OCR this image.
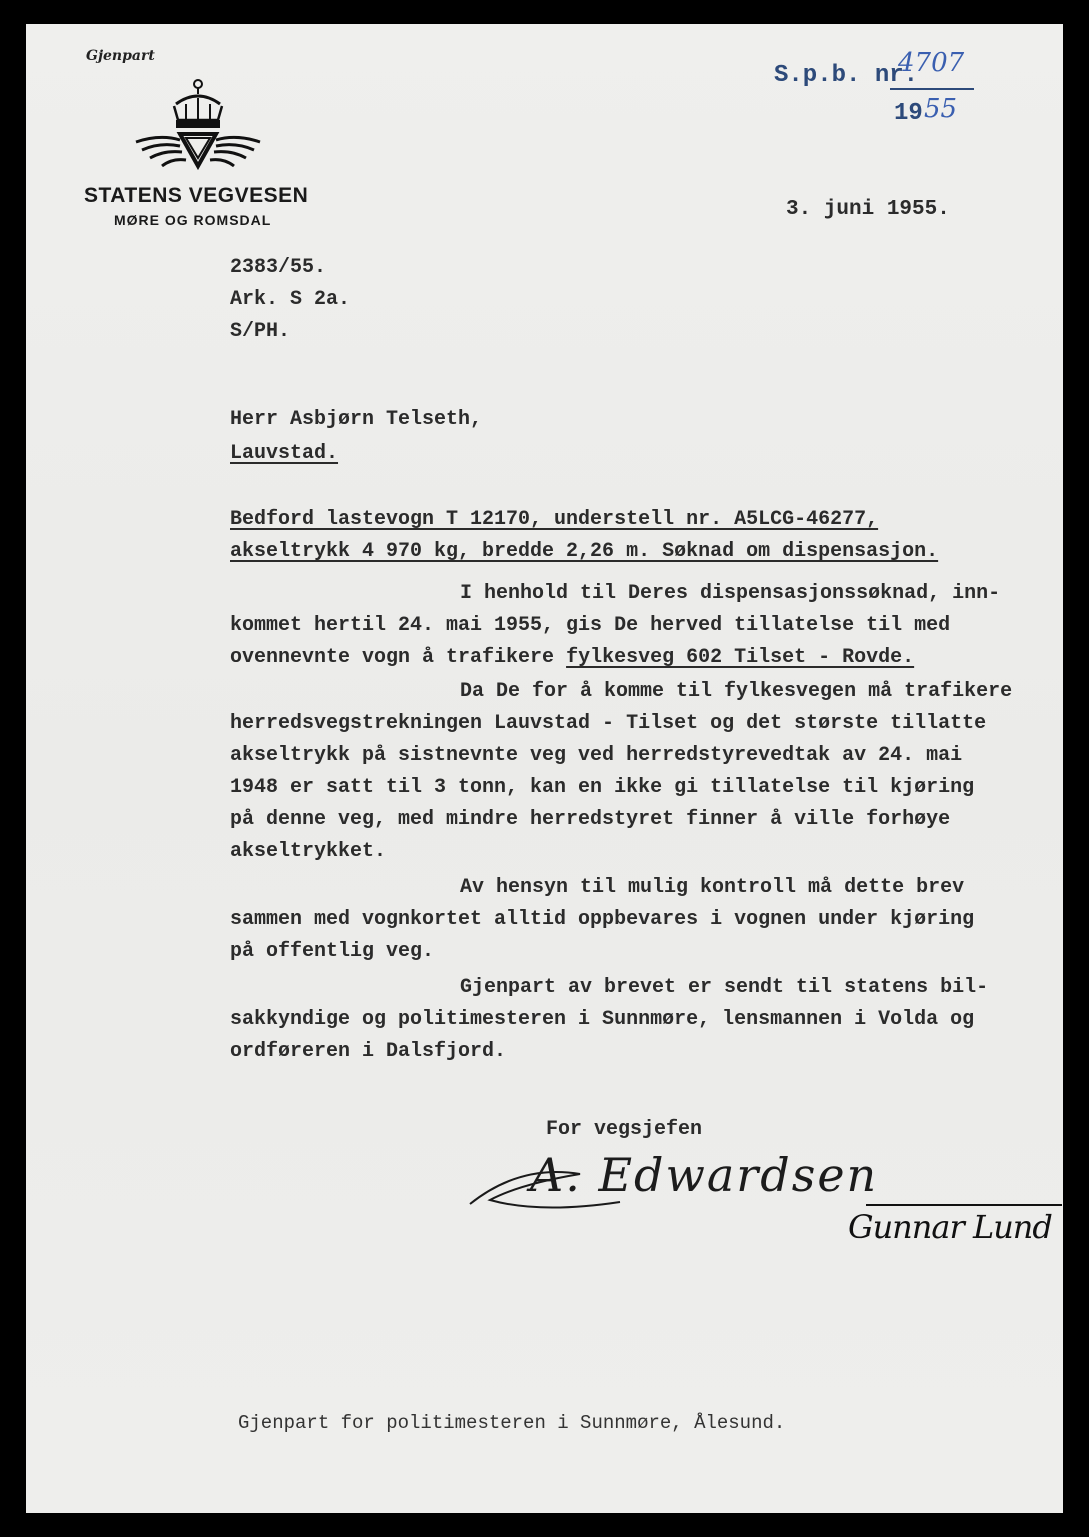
Gjenpart
STATENS VEGVESEN
MØRE OG ROMSDAL
S.p.b. nr.
4707
19 55
3. juni 1955.
2383/55.
Ark. S 2a.
S/PH.
Herr Asbjørn Telseth,
Lauvstad.
Bedford lastevogn T 12170, understell nr. A5LCG-46277,
akseltrykk 4 970 kg, bredde 2,26 m. Søknad om dispensasjon.
I henhold til Deres dispensasjonssøknad, inn-
kommet hertil 24. mai 1955, gis De herved tillatelse til med
ovennevnte vogn å trafikere fylkesveg 602 Tilset - Rovde.
Da De for å komme til fylkesvegen må trafikere
herredsvegstrekningen Lauvstad - Tilset og det største tillatte
akseltrykk på sistnevnte veg ved herredstyrevedtak av 24. mai
1948 er satt til 3 tonn, kan en ikke gi tillatelse til kjøring
på denne veg, med mindre herredstyret finner å ville forhøye
akseltrykket.
Av hensyn til mulig kontroll må dette brev
sammen med vognkortet alltid oppbevares i vognen under kjøring
på offentlig veg.
Gjenpart av brevet er sendt til statens bil-
sakkyndige og politimesteren i Sunnmøre, lensmannen i Volda og
ordføreren i Dalsfjord.
For vegsjefen
A. Edwardsen
Gunnar Lund
Gjenpart for politimesteren i Sunnmøre, Ålesund.
